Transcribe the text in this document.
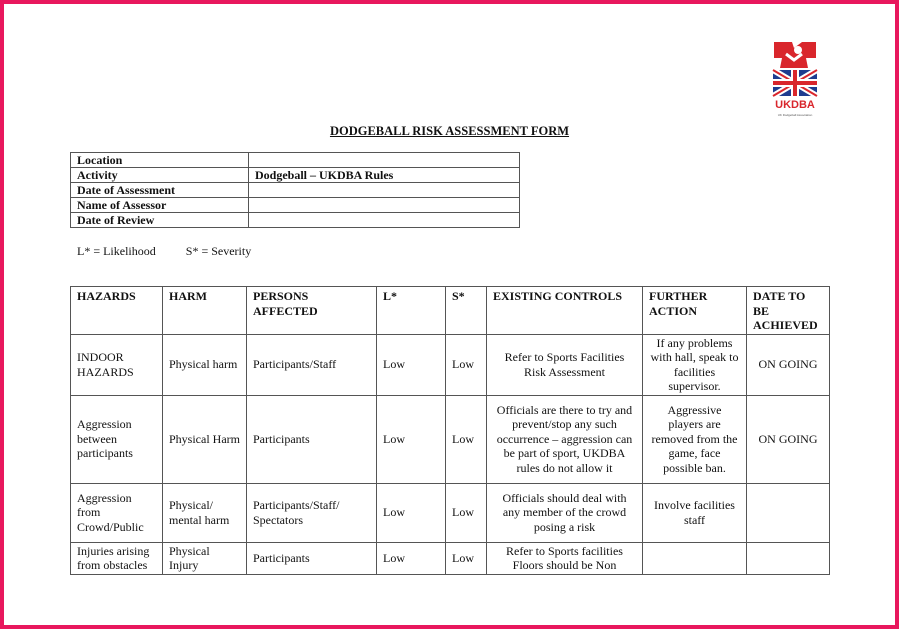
UKDBA
UK Dodgeball Association
DODGEBALL RISK ASSESSMENT FORM
Location	
Activity	Dodgeball – UKDBA Rules
Date of Assessment	
Name of Assessor	
Date of Review	
L* = Likelihood	S* = Severity
HAZARDS	HARM	PERSONS AFFECTED	L*	S*	EXISTING CONTROLS	FURTHER ACTION	DATE TO BE ACHIEVED
INDOOR HAZARDS	Physical harm	Participants/Staff	Low	Low	Refer to Sports Facilities Risk Assessment	If any problems with hall, speak to facilities supervisor.	ON GOING
Aggression between participants	Physical Harm	Participants	Low	Low	Officials are there to try and prevent/stop any such occurrence – aggression can be part of sport, UKDBA rules do not allow it	Aggressive players are removed from the game, face possible ban.	ON GOING
Aggression from Crowd/Public	Physical/ mental harm	Participants/Staff/ Spectators	Low	Low	Officials should deal with any member of the crowd posing a risk	Involve facilities staff	
Injuries arising from obstacles	Physical Injury	Participants	Low	Low	Refer to Sports facilities Floors should be Non		
